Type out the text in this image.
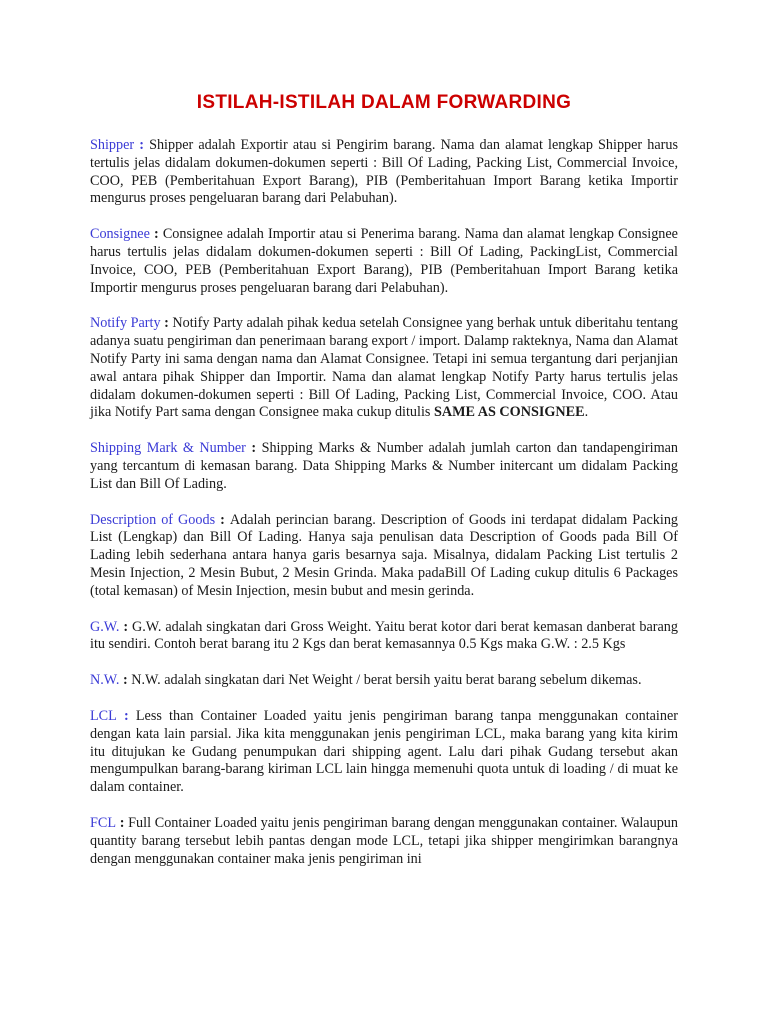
ISTILAH-ISTILAH DALAM FORWARDING

Shipper : Shipper adalah Exportir atau si Pengirim barang. Nama dan alamat lengkap Shipper harus tertulis jelas didalam dokumen-dokumen seperti : Bill Of Lading, Packing List, Commercial Invoice, COO, PEB (Pemberitahuan Export Barang), PIB (Pemberitahuan Import Barang ketika Importir mengurus proses pengeluaran barang dari Pelabuhan).

Consignee : Consignee adalah Importir atau si Penerima barang. Nama dan alamat lengkap Consignee harus tertulis jelas didalam dokumen-dokumen seperti : Bill Of Lading, PackingList, Commercial Invoice, COO, PEB (Pemberitahuan Export Barang), PIB (Pemberitahuan Import Barang ketika Importir mengurus proses pengeluaran barang dari Pelabuhan).

Notify Party : Notify Party adalah pihak kedua setelah Consignee yang berhak untuk diberitahu tentang adanya suatu pengiriman dan penerimaan barang export / import. Dalamp rakteknya, Nama dan Alamat Notify Party ini sama dengan nama dan Alamat Consignee. Tetapi ini semua tergantung dari perjanjian awal antara pihak Shipper dan Importir. Nama dan alamat lengkap Notify Party harus tertulis jelas didalam dokumen-dokumen seperti : Bill Of Lading, Packing List, Commercial Invoice, COO. Atau jika Notify Part sama dengan Consignee maka cukup ditulis SAME AS CONSIGNEE.

Shipping Mark & Number : Shipping Marks & Number adalah jumlah carton dan tandapengiriman yang tercantum di kemasan barang. Data Shipping Marks & Number initercant um didalam Packing List dan Bill Of Lading.

Description of Goods : Adalah perincian barang. Description of Goods ini terdapat didalam Packing List (Lengkap) dan Bill Of Lading. Hanya saja penulisan data Description of Goods pada Bill Of Lading lebih sederhana antara hanya garis besarnya saja. Misalnya, didalam Packing List tertulis 2 Mesin Injection, 2 Mesin Bubut, 2 Mesin Grinda. Maka padaBill Of Lading cukup ditulis 6 Packages (total kemasan) of Mesin Injection, mesin bubut and mesin gerinda.

G.W. : G.W. adalah singkatan dari Gross Weight. Yaitu berat kotor dari berat kemasan danberat barang itu sendiri. Contoh berat barang itu 2 Kgs dan berat kemasannya 0.5 Kgs maka G.W. : 2.5 Kgs

N.W. : N.W. adalah singkatan dari Net Weight / berat bersih yaitu berat barang sebelum dikemas.

LCL : Less than Container Loaded yaitu jenis pengiriman barang tanpa menggunakan container dengan kata lain parsial. Jika kita menggunakan jenis pengiriman LCL, maka barang yang kita kirim itu ditujukan ke Gudang penumpukan dari shipping agent. Lalu dari pihak Gudang tersebut akan mengumpulkan barang-barang kiriman LCL lain hingga memenuhi quota untuk di loading / di muat ke dalam container.

FCL : Full Container Loaded yaitu jenis pengiriman barang dengan menggunakan container. Walaupun quantity barang tersebut lebih pantas dengan mode LCL, tetapi jika shipper mengirimkan barangnya dengan menggunakan container maka jenis pengiriman ini
